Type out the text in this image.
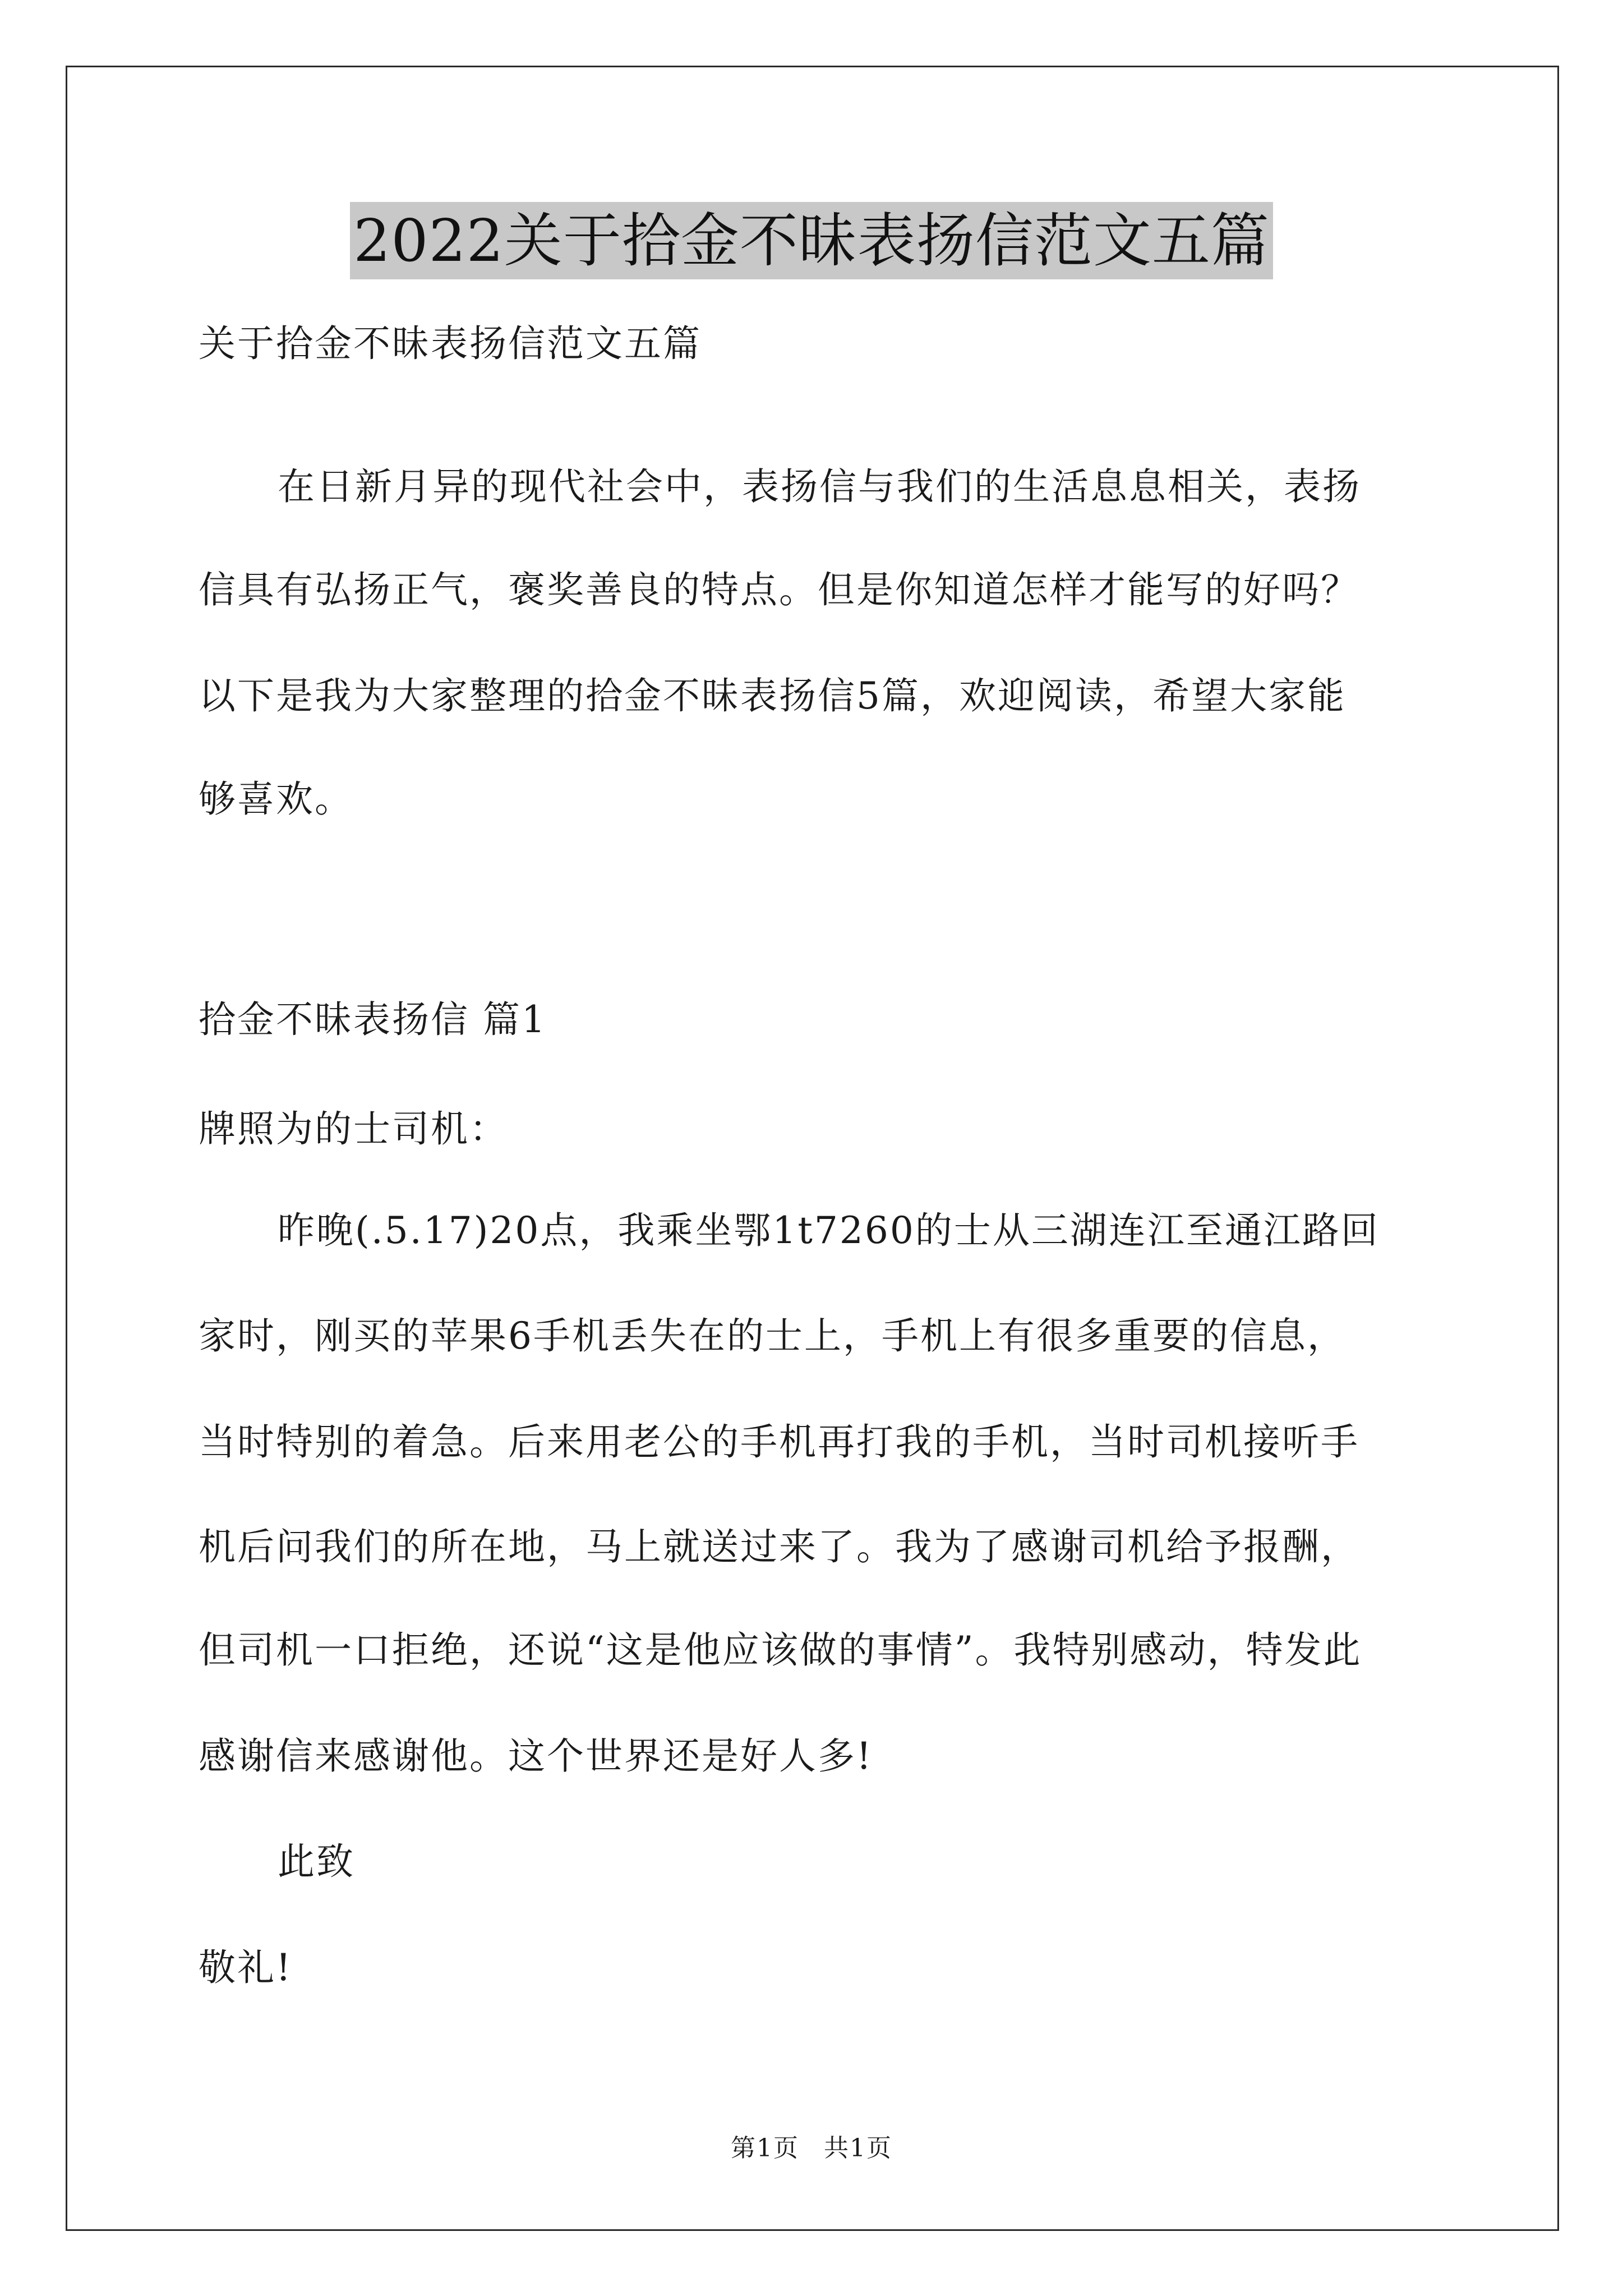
2022关于拾金不昧表扬信范文五篇
关于拾金不昧表扬信范文五篇
在日新月异的现代社会中，表扬信与我们的生活息息相关，表扬
信具有弘扬正气，褒奖善良的特点。但是你知道怎样才能写的好吗？
以下是我为大家整理的拾金不昧表扬信5篇，欢迎阅读，希望大家能
够喜欢。
拾金不昧表扬信 篇1
牌照为的士司机：
昨晚(.5.17)20点，我乘坐鄂1t7260的士从三湖连江至通江路回
家时，刚买的苹果6手机丢失在的士上，手机上有很多重要的信息，
当时特别的着急。后来用老公的手机再打我的手机，当时司机接听手
机后问我们的所在地，马上就送过来了。我为了感谢司机给予报酬，
但司机一口拒绝，还说“这是他应该做的事情”。我特别感动，特发此
感谢信来感谢他。这个世界还是好人多!
此致
敬礼!
第1页 共1页
